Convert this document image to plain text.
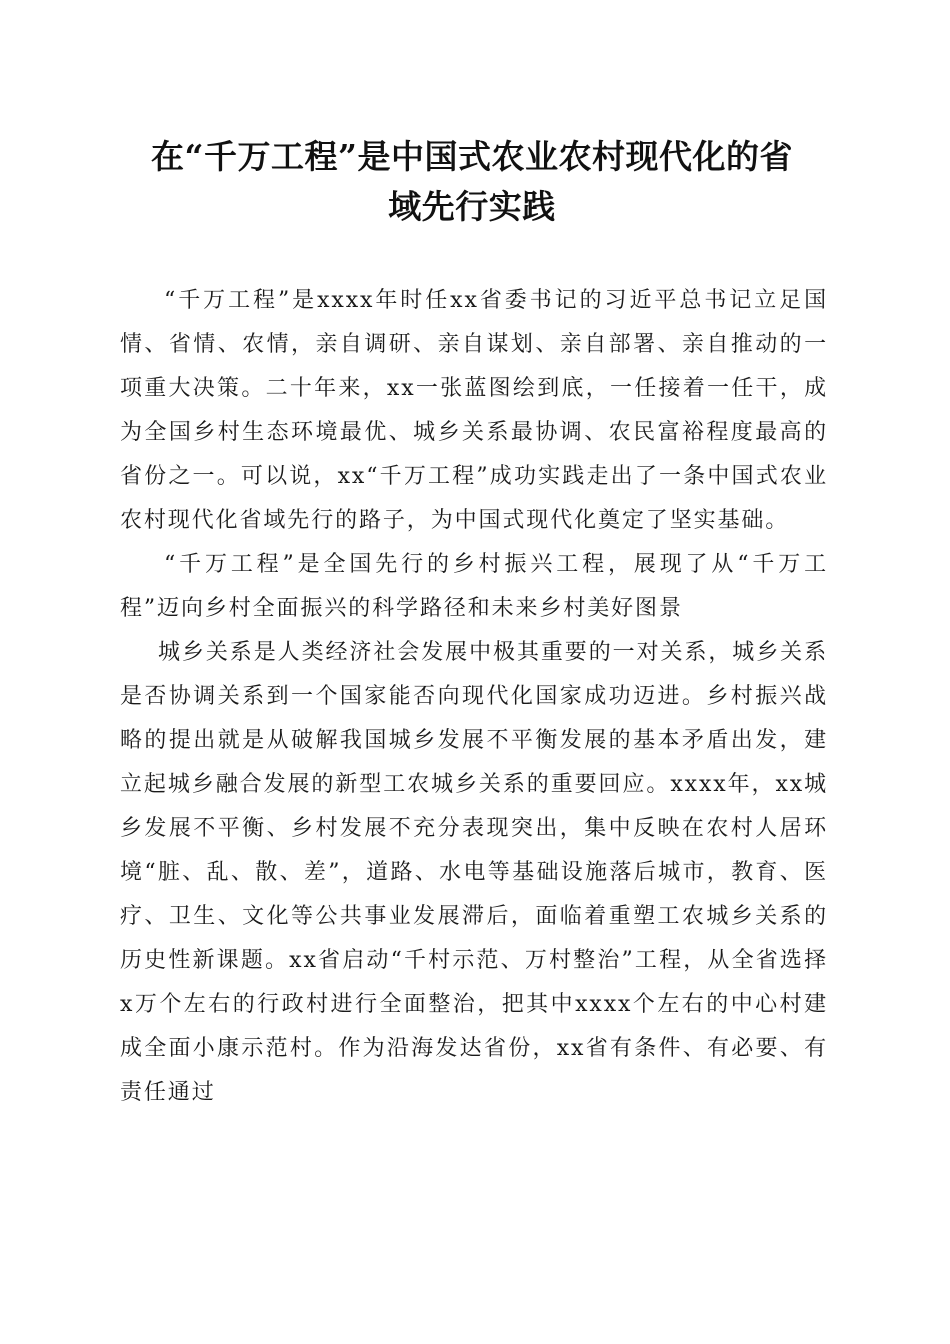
在“千万工程”是中国式农业农村现代化的省
域先行实践

“千万工程”是xxxx年时任xx省委书记的习近平总书记立足国情、省情、农情，亲自调研、亲自谋划、亲自部署、亲自推动的一项重大决策。二十年来，xx一张蓝图绘到底，一任接着一任干，成为全国乡村生态环境最优、城乡关系最协调、农民富裕程度最高的省份之一。可以说，xx“千万工程”成功实践走出了一条中国式农业农村现代化省域先行的路子，为中国式现代化奠定了坚实基础。

“千万工程”是全国先行的乡村振兴工程，展现了从“千万工程”迈向乡村全面振兴的科学路径和未来乡村美好图景

城乡关系是人类经济社会发展中极其重要的一对关系，城乡关系是否协调关系到一个国家能否向现代化国家成功迈进。乡村振兴战略的提出就是从破解我国城乡发展不平衡发展的基本矛盾出发，建立起城乡融合发展的新型工农城乡关系的重要回应。xxxx年，xx城乡发展不平衡、乡村发展不充分表现突出，集中反映在农村人居环境“脏、乱、散、差”，道路、水电等基础设施落后城市，教育、医疗、卫生、文化等公共事业发展滞后，面临着重塑工农城乡关系的历史性新课题。xx省启动“千村示范、万村整治”工程，从全省选择x万个左右的行政村进行全面整治，把其中xxxx个左右的中心村建成全面小康示范村。作为沿海发达省份，xx省有条件、有必要、有责任通过
